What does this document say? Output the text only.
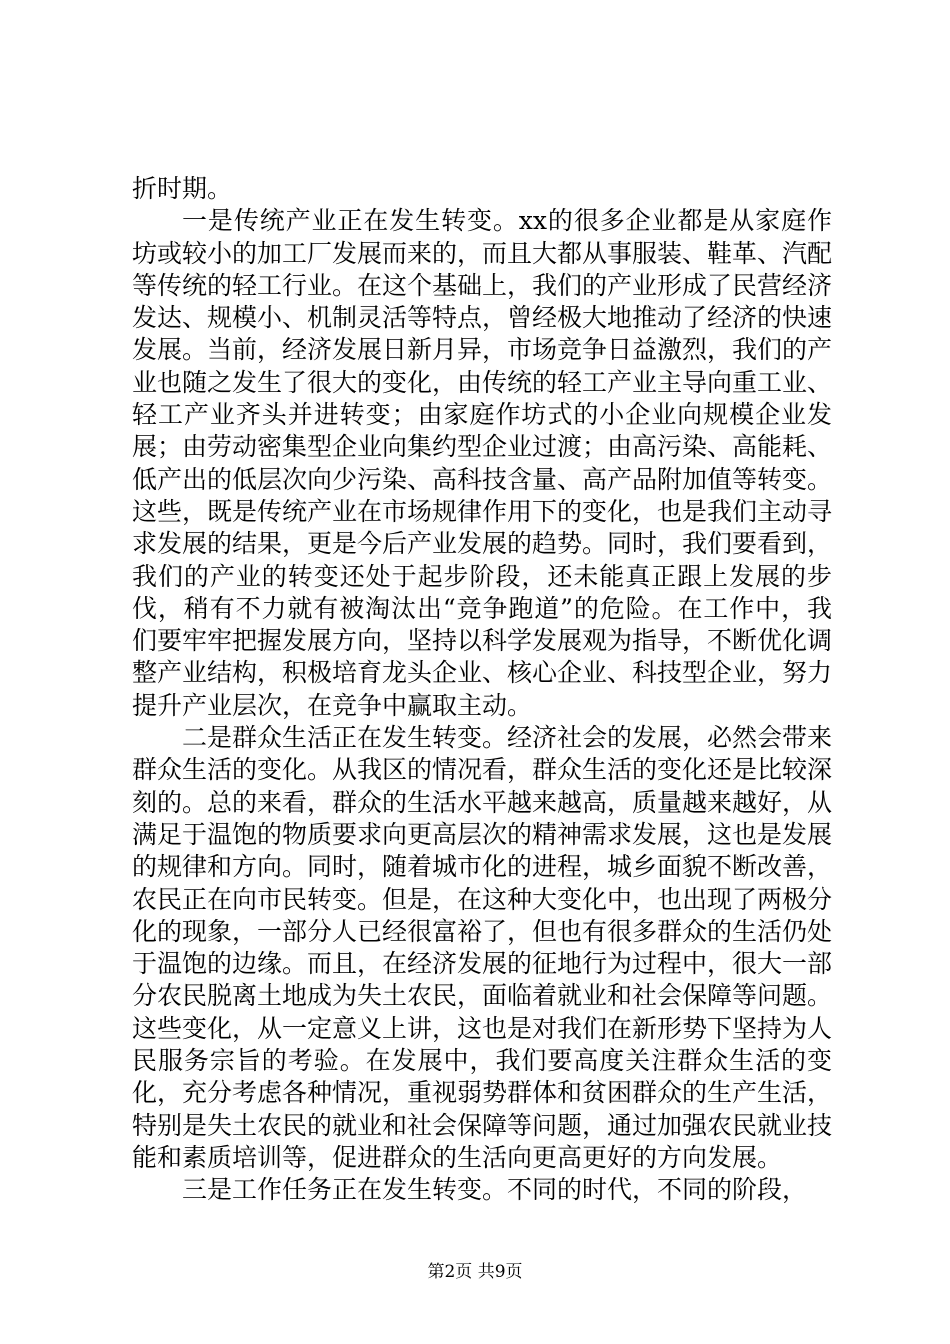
折时期。

一是传统产业正在发生转变。xx的很多企业都是从家庭作坊或较小的加工厂发展而来的，而且大都从事服装、鞋革、汽配等传统的轻工行业。在这个基础上，我们的产业形成了民营经济发达、规模小、机制灵活等特点，曾经极大地推动了经济的快速发展。当前，经济发展日新月异，市场竞争日益激烈，我们的产业也随之发生了很大的变化，由传统的轻工产业主导向重工业、轻工产业齐头并进转变；由家庭作坊式的小企业向规模企业发展；由劳动密集型企业向集约型企业过渡；由高污染、高能耗、低产出的低层次向少污染、高科技含量、高产品附加值等转变。这些，既是传统产业在市场规律作用下的变化，也是我们主动寻求发展的结果，更是今后产业发展的趋势。同时，我们要看到，我们的产业的转变还处于起步阶段，还未能真正跟上发展的步伐，稍有不力就有被淘汰出“竞争跑道”的危险。在工作中，我们要牢牢把握发展方向，坚持以科学发展观为指导，不断优化调整产业结构，积极培育龙头企业、核心企业、科技型企业，努力提升产业层次，在竞争中赢取主动。

二是群众生活正在发生转变。经济社会的发展，必然会带来群众生活的变化。从我区的情况看，群众生活的变化还是比较深刻的。总的来看，群众的生活水平越来越高，质量越来越好，从满足于温饱的物质要求向更高层次的精神需求发展，这也是发展的规律和方向。同时，随着城市化的进程，城乡面貌不断改善，农民正在向市民转变。但是，在这种大变化中，也出现了两极分化的现象，一部分人已经很富裕了，但也有很多群众的生活仍处于温饱的边缘。而且，在经济发展的征地行为过程中，很大一部分农民脱离土地成为失土农民，面临着就业和社会保障等问题。这些变化，从一定意义上讲，这也是对我们在新形势下坚持为人民服务宗旨的考验。在发展中，我们要高度关注群众生活的变化，充分考虑各种情况，重视弱势群体和贫困群众的生产生活，特别是失土农民的就业和社会保障等问题，通过加强农民就业技能和素质培训等，促进群众的生活向更高更好的方向发展。

三是工作任务正在发生转变。不同的时代，不同的阶段，

第2页 共9页
